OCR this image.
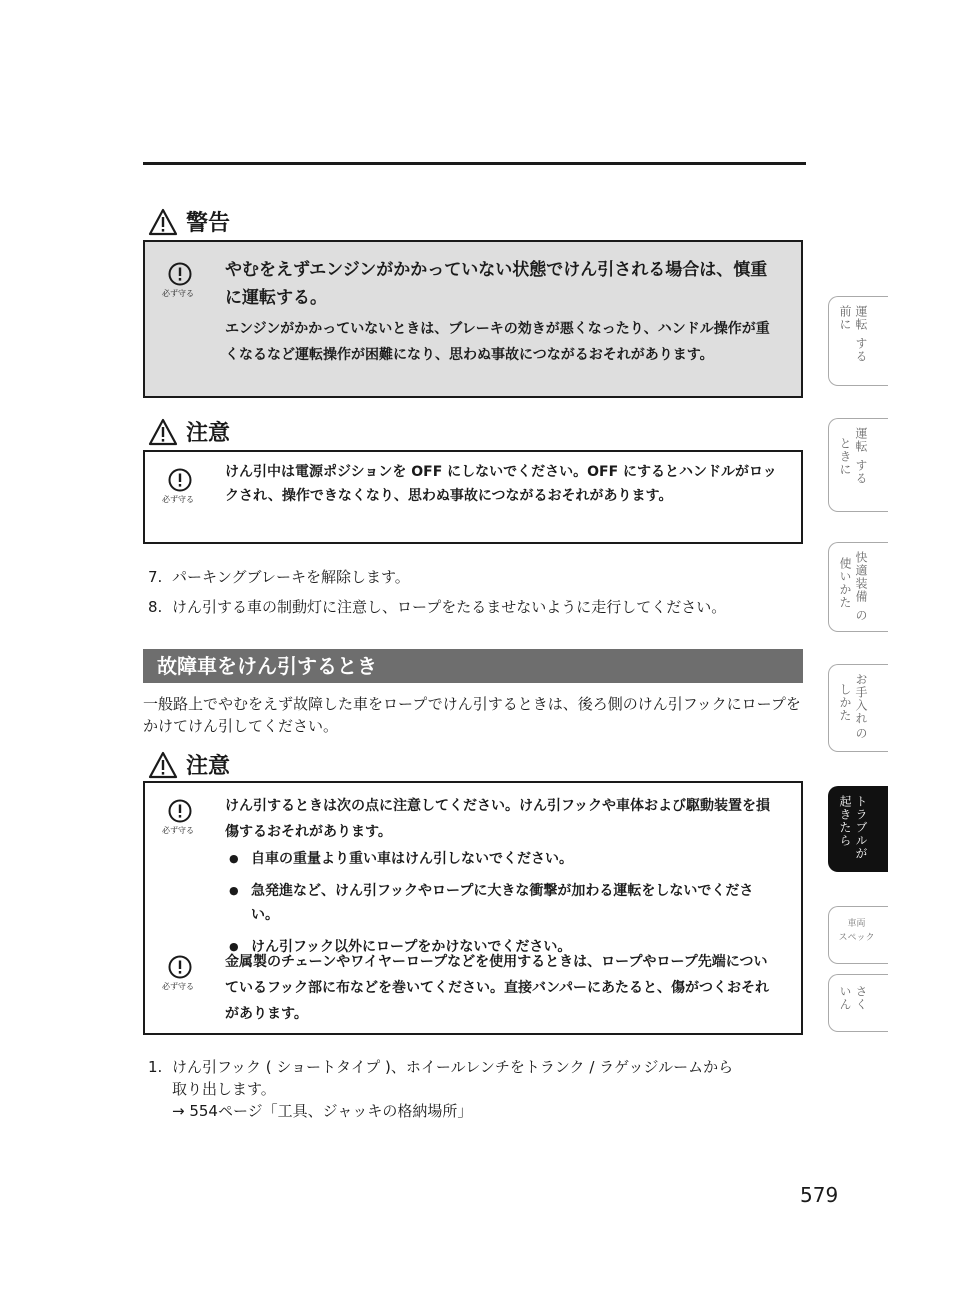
警告
必ず守る
やむをえずエンジンがかかっていない状態でけん引される場合は、慎重に運転する。
エンジンがかかっていないときは、ブレーキの効きが悪くなったり、ハンドル操作が重くなるなど運転操作が困難になり、思わぬ事故につながるおそれがあります。
注意
必ず守る
けん引中は電源ポジションを OFF にしないでください。OFF にするとハンドルがロックされ、操作できなくなり、思わぬ事故につながるおそれがあります。
7. パーキングブレーキを解除します。
8. けん引する車の制動灯に注意し、ロープをたるませないように走行してください。
故障車をけん引するとき
一般路上でやむをえず故障した車をロープでけん引するときは、後ろ側のけん引フックにロープをかけてけん引してください。
注意
必ず守る
けん引するときは次の点に注意してください。けん引フックや車体および駆動装置を損傷するおそれがあります。
● 自車の重量より重い車はけん引しないでください。
● 急発進など、けん引フックやロープに大きな衝撃が加わる運転をしないでください。
● けん引フック以外にロープをかけないでください。
必ず守る
金属製のチェーンやワイヤーロープなどを使用するときは、ロープやロープ先端についているフック部に布などを巻いてください。直接バンパーにあたると、傷がつくおそれがあります。
1. けん引フック ( ショートタイプ )、ホイールレンチをトランク / ラゲッジルームから
取り出します。
→ 554ページ「工具、ジャッキの格納場所」
運転
前に
する
運転
ときに する
快適装備
使いかた
の
お手入れ
しかた
の
トラブルが
起きたら
車両
スペック
さく
いん
579
